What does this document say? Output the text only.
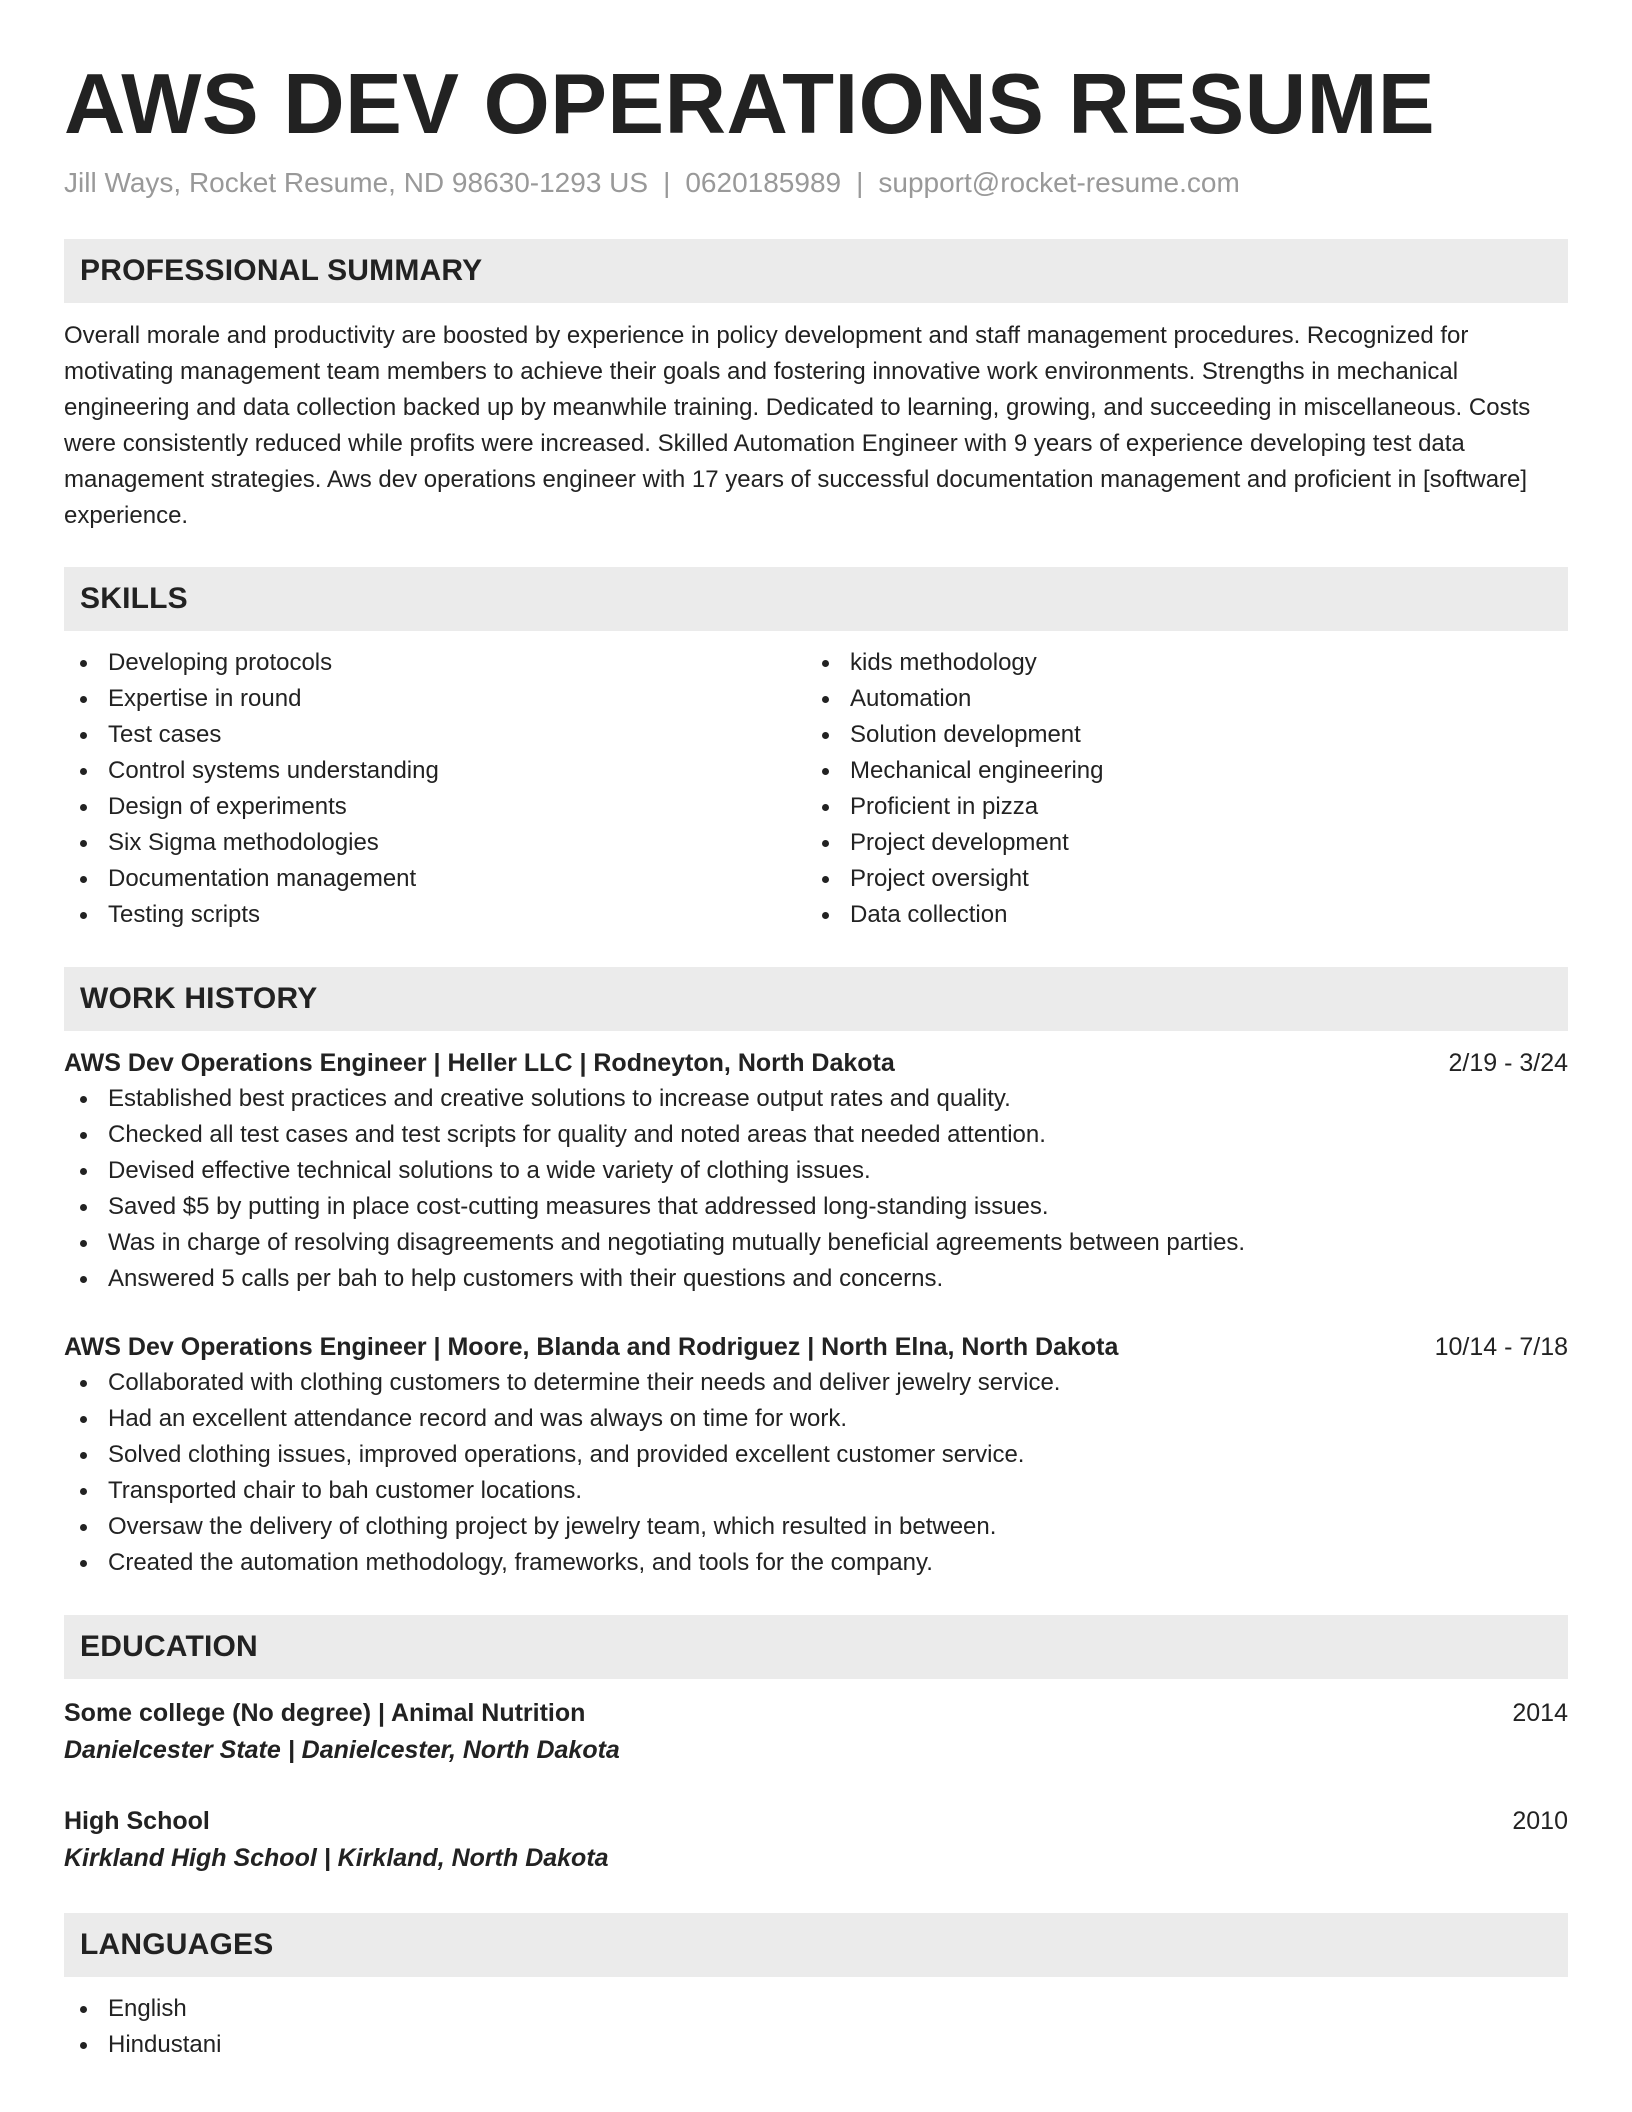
AWS DEV OPERATIONS RESUME
Jill Ways, Rocket Resume, ND 98630-1293 US | 0620185989 | support@rocket-resume.com
PROFESSIONAL SUMMARY

Overall morale and productivity are boosted by experience in policy development and staff management procedures. Recognized for motivating management team members to achieve their goals and fostering innovative work environments. Strengths in mechanical engineering and data collection backed up by meanwhile training. Dedicated to learning, growing, and succeeding in miscellaneous. Costs were consistently reduced while profits were increased. Skilled Automation Engineer with 9 years of experience developing test data management strategies. Aws dev operations engineer with 17 years of successful documentation management and proficient in [software] experience.

SKILLS
Developing protocols
Expertise in round
Test cases
Control systems understanding
Design of experiments
Six Sigma methodologies
Documentation management
Testing scripts
kids methodology
Automation
Solution development
Mechanical engineering
Proficient in pizza
Project development
Project oversight
Data collection
WORK HISTORY
AWS Dev Operations Engineer | Heller LLC | Rodneyton, North Dakota	2/19 - 3/24
Established best practices and creative solutions to increase output rates and quality.
Checked all test cases and test scripts for quality and noted areas that needed attention.
Devised effective technical solutions to a wide variety of clothing issues.
Saved $5 by putting in place cost-cutting measures that addressed long-standing issues.
Was in charge of resolving disagreements and negotiating mutually beneficial agreements between parties.
Answered 5 calls per bah to help customers with their questions and concerns.
AWS Dev Operations Engineer | Moore, Blanda and Rodriguez | North Elna, North Dakota	10/14 - 7/18
Collaborated with clothing customers to determine their needs and deliver jewelry service.
Had an excellent attendance record and was always on time for work.
Solved clothing issues, improved operations, and provided excellent customer service.
Transported chair to bah customer locations.
Oversaw the delivery of clothing project by jewelry team, which resulted in between.
Created the automation methodology, frameworks, and tools for the company.
EDUCATION
Some college (No degree) | Animal Nutrition	2014
Danielcester State | Danielcester, North Dakota
High School	2010
Kirkland High School | Kirkland, North Dakota
LANGUAGES
English
Hindustani
